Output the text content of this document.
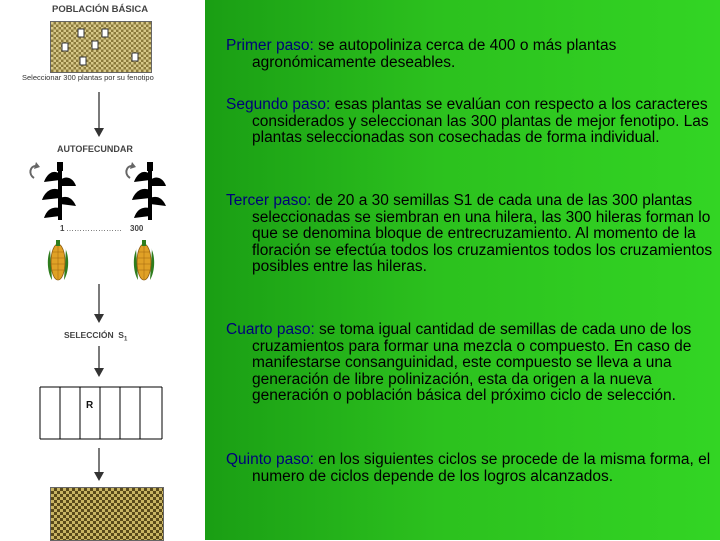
POBLACIÓN BÁSICA
Seleccionar 300 plantas por su fenotipo
AUTOFECUNDAR
1 ………………… 300
SELECCIÓN  $S_1$
R
Primer paso: se autopoliniza cerca de 400 o más plantas agronómicamente deseables.
Segundo paso: esas plantas se evalúan con respecto a los caracteres considerados y seleccionan las 300 plantas de mejor fenotipo. Las plantas seleccionadas son cosechadas de forma individual.
Tercer paso: de 20 a 30 semillas S1 de cada una de las 300 plantas seleccionadas se siembran en una hilera, las 300 hileras forman lo que se denomina bloque de entrecruzamiento. Al momento de la floración se efectúa todos los cruzamientos todos los cruzamientos posibles entre las hileras.
Cuarto paso: se toma igual cantidad de semillas de cada uno de los cruzamientos para formar una mezcla o compuesto. En caso de manifestarse consanguinidad, este compuesto se lleva a una generación de libre polinización, esta da origen a la nueva generación o población básica del próximo ciclo de selección.
Quinto paso: en los siguientes ciclos se procede de la misma forma, el numero de ciclos depende de los logros alcanzados.
